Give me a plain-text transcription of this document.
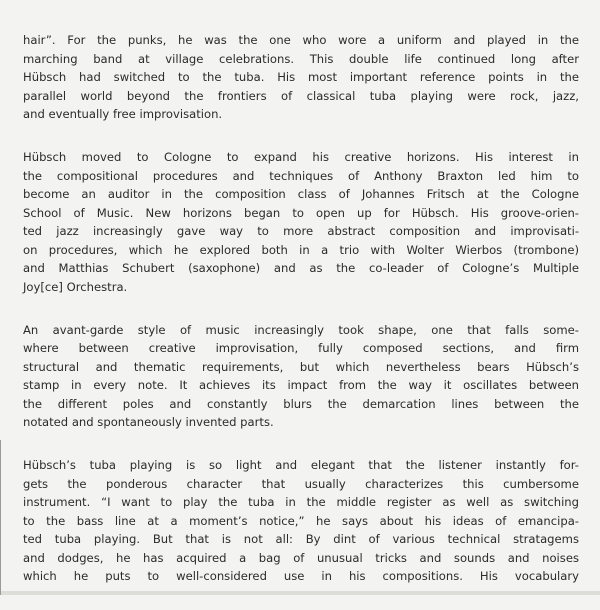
hair”. For the punks, he was the one who wore a uniform and played in the
marching band at village celebrations. This double life continued long after
Hübsch had switched to the tuba. His most important reference points in the
parallel world beyond the frontiers of classical tuba playing were rock, jazz,
and eventually free improvisation.
Hübsch moved to Cologne to expand his creative horizons. His interest in
the compositional procedures and techniques of Anthony Braxton led him to
become an auditor in the composition class of Johannes Fritsch at the Cologne
School of Music. New horizons began to open up for Hübsch. His groove-orien-
ted jazz increasingly gave way to more abstract composition and improvisati-
on procedures, which he explored both in a trio with Wolter Wierbos (trombone)
and Matthias Schubert (saxophone) and as the co-leader of Cologne’s Multiple
Joy[ce] Orchestra.
An avant-garde style of music increasingly took shape, one that falls some-
where between creative improvisation, fully composed sections, and firm
structural and thematic requirements, but which nevertheless bears Hübsch’s
stamp in every note. It achieves its impact from the way it oscillates between
the different poles and constantly blurs the demarcation lines between the
notated and spontaneously invented parts.
Hübsch’s tuba playing is so light and elegant that the listener instantly for-
gets the ponderous character that usually characterizes this cumbersome
instrument. “I want to play the tuba in the middle register as well as switching
to the bass line at a moment’s notice,” he says about his ideas of emancipa-
ted tuba playing. But that is not all: By dint of various technical stratagems
and dodges, he has acquired a bag of unusual tricks and sounds and noises
which he puts to well-considered use in his compositions. His vocabulary
